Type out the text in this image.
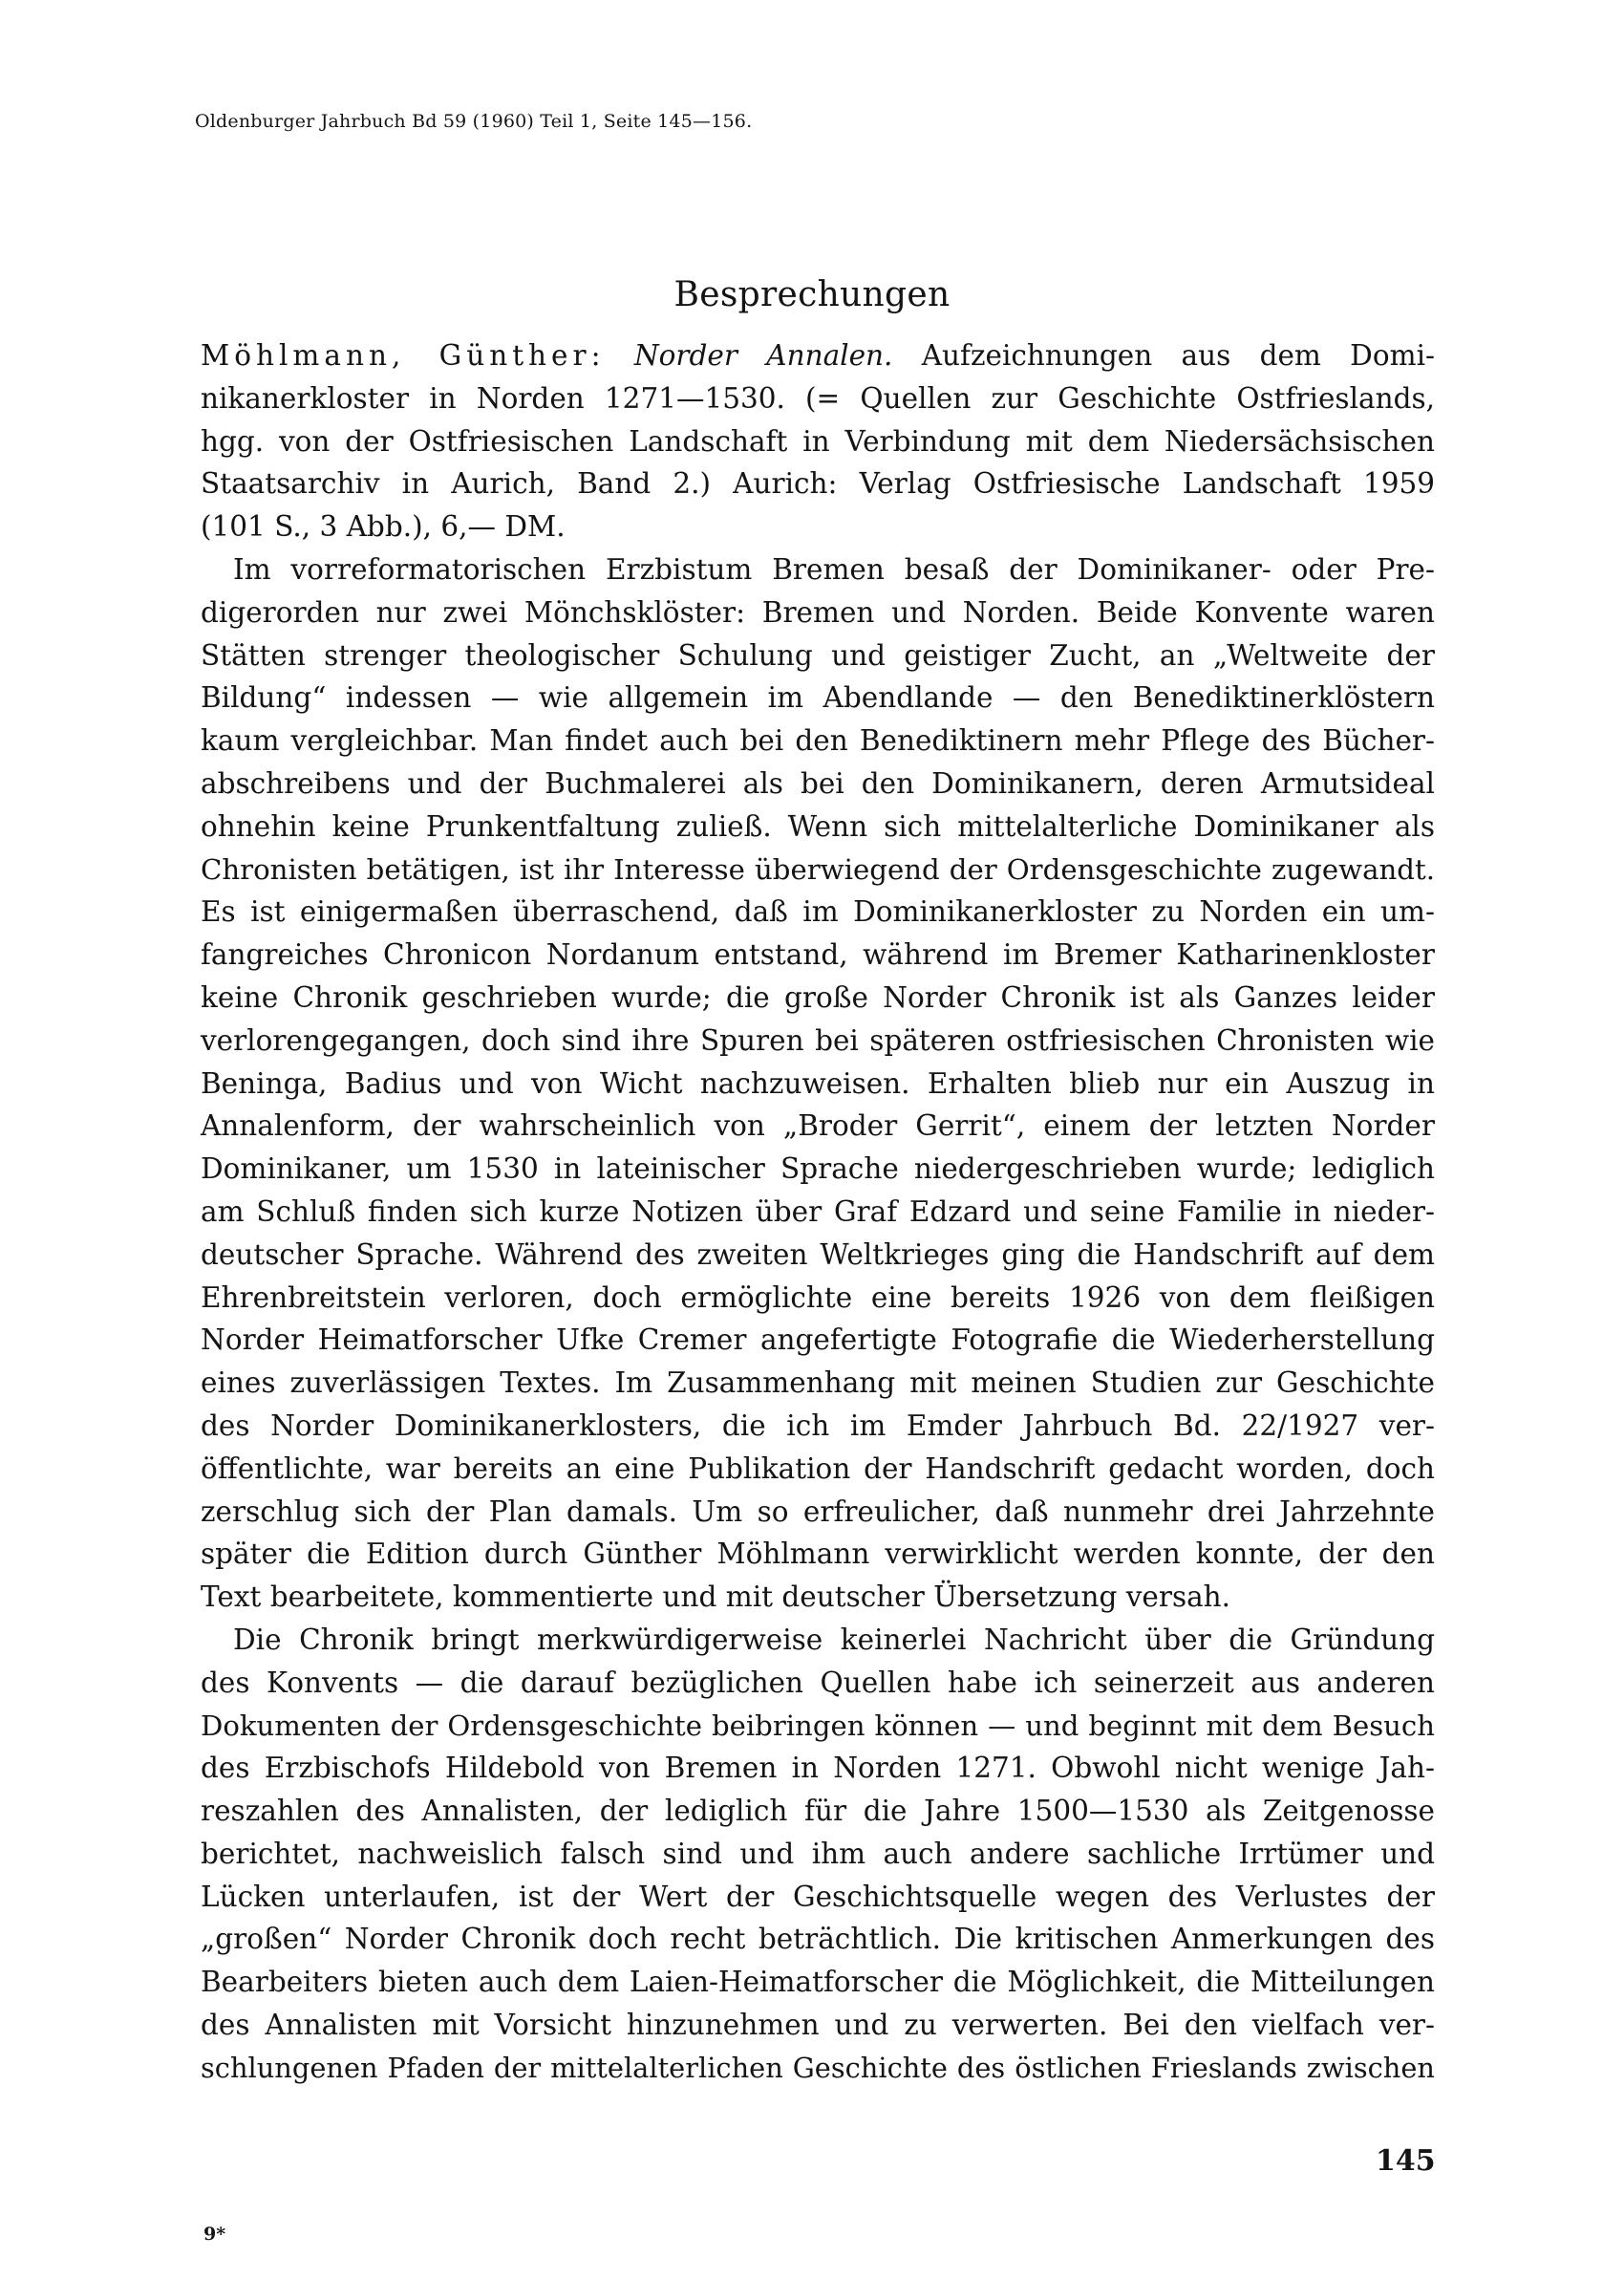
Oldenburger Jahrbuch Bd 59 (1960) Teil 1, Seite 145—156.
Besprechungen

Möhlmann, Günther: Norder Annalen. Aufzeichnungen aus dem Domi-
nikanerkloster in Norden 1271—1530. (= Quellen zur Geschichte Ostfrieslands,
hgg. von der Ostfriesischen Landschaft in Verbindung mit dem Niedersächsischen
Staatsarchiv in Aurich, Band 2.) Aurich: Verlag Ostfriesische Landschaft 1959
(101 S., 3 Abb.), 6,— DM.

Im vorreformatorischen Erzbistum Bremen besaß der Dominikaner- oder Pre-
digerorden nur zwei Mönchsklöster: Bremen und Norden. Beide Konvente waren
Stätten strenger theologischer Schulung und geistiger Zucht, an „Weltweite der
Bildung“ indessen — wie allgemein im Abendlande — den Benediktinerklöstern
kaum vergleichbar. Man findet auch bei den Benediktinern mehr Pflege des Bücher-
abschreibens und der Buchmalerei als bei den Dominikanern, deren Armutsideal
ohnehin keine Prunkentfaltung zuließ. Wenn sich mittelalterliche Dominikaner als
Chronisten betätigen, ist ihr Interesse überwiegend der Ordensgeschichte zugewandt.
Es ist einigermaßen überraschend, daß im Dominikanerkloster zu Norden ein um-
fangreiches Chronicon Nordanum entstand, während im Bremer Katharinenkloster
keine Chronik geschrieben wurde; die große Norder Chronik ist als Ganzes leider
verlorengegangen, doch sind ihre Spuren bei späteren ostfriesischen Chronisten wie
Beninga, Badius und von Wicht nachzuweisen. Erhalten blieb nur ein Auszug in
Annalenform, der wahrscheinlich von „Broder Gerrit“, einem der letzten Norder
Dominikaner, um 1530 in lateinischer Sprache niedergeschrieben wurde; lediglich
am Schluß finden sich kurze Notizen über Graf Edzard und seine Familie in nieder-
deutscher Sprache. Während des zweiten Weltkrieges ging die Handschrift auf dem
Ehrenbreitstein verloren, doch ermöglichte eine bereits 1926 von dem fleißigen
Norder Heimatforscher Ufke Cremer angefertigte Fotografie die Wiederherstellung
eines zuverlässigen Textes. Im Zusammenhang mit meinen Studien zur Geschichte
des Norder Dominikanerklosters, die ich im Emder Jahrbuch Bd. 22/1927 ver-
öffentlichte, war bereits an eine Publikation der Handschrift gedacht worden, doch
zerschlug sich der Plan damals. Um so erfreulicher, daß nunmehr drei Jahrzehnte
später die Edition durch Günther Möhlmann verwirklicht werden konnte, der den
Text bearbeitete, kommentierte und mit deutscher Übersetzung versah.

Die Chronik bringt merkwürdigerweise keinerlei Nachricht über die Gründung
des Konvents — die darauf bezüglichen Quellen habe ich seinerzeit aus anderen
Dokumenten der Ordensgeschichte beibringen können — und beginnt mit dem Besuch
des Erzbischofs Hildebold von Bremen in Norden 1271. Obwohl nicht wenige Jah-
reszahlen des Annalisten, der lediglich für die Jahre 1500—1530 als Zeitgenosse
berichtet, nachweislich falsch sind und ihm auch andere sachliche Irrtümer und
Lücken unterlaufen, ist der Wert der Geschichtsquelle wegen des Verlustes der
„großen“ Norder Chronik doch recht beträchtlich. Die kritischen Anmerkungen des
Bearbeiters bieten auch dem Laien-Heimatforscher die Möglichkeit, die Mitteilungen
des Annalisten mit Vorsicht hinzunehmen und zu verwerten. Bei den vielfach ver-
schlungenen Pfaden der mittelalterlichen Geschichte des östlichen Frieslands zwischen

145
9*
